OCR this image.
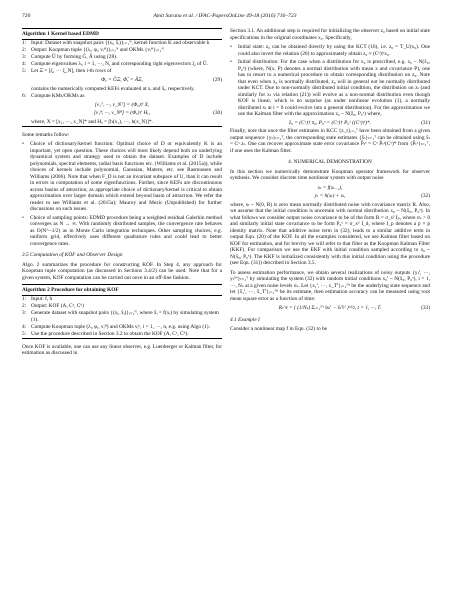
720	Amit Surana et al. / IFAC-PapersOnLine 49-18 (2016) 716–723
Algorithm 1 Kernel based EDMD
1: Input: Dataset with snapshot pairs {(xᵢ, x̂ᵢ)}ᵢ₌₁ᴺ, kernel function K and observable h
2: Output: Koopman tuple {(λᵢ, φᵢ, vᵢᴴ)}ᵢ₌₁ᴺ and OKMs {vᵢᴴ}ᵢ₌₁ᴺ
3: Compute Û by forming Ĝ, Â using (28).
4: Compute eigenvalues λᵢ, i = 1, ···, N, and corresponding right eigenvectors ξᵢ of Û.
5: Let Ξ = [ξ₁ ··· ξ_N], then i-th rows of
Φₓ = ĜΞ, Φ̂ₓ = ÂΞ,	(29)
contains the numerically computed KEFs evaluated at xᵢ and x̂ᵢ, respectively.
6: Compute KMs/OKMs as
[v₁ᵀ, ···, v_Nᵀ] = (Φₓ)† X,
[v₁ᴴ, ···, v_Nᴴ] = (Φₓ)† Hₓ,	(30)
where, X = [x₁, ···, x_N]* and Hₓ = [h(x₁), ···, h(x_N)]*.

Some remarks follow:

•	Choice of dictionary/kernel function: Optimal choice of D or equivalently K is an important, yet open question. These choices will most likely depend both on underlying dynamical system and strategy used to obtain the dataset. Examples of D include polynomials, spectral elements, radial basis functions etc. (Williams et al. (2015a)), while choices of kernels include polynomial, Gaussian, Matern, etc. see Rasmussen and Williams (2006). Note that when F_D is not an invariant subspace of U, than it can result in errors in computation of some eigenfunctions. Further, since KEFs are discontinuous across basins of attraction, as appropriate choice of dictionary/kernel is critical to obtain approximation over larger domain which extend beyond basin of attraction. We refer the reader to see Williams et al. (2015a); Mauroy and Mezic (Unpublished) for further discussions on such issues.
•	Choice of sampling points: EDMD procedure being a weighted residual Galerkin method converges as N → ∞. With randomly distributed samples, the convergence rate behaves as O(N^−1/2) as in Monte Carlo integration techniques. Other sampling choices, e.g. uniform grid, effectively uses different quadrature rules and could lead to better convergence rates.
3.5 Computation of KOF and Observer Design

Algo. 2 summarizes the procedure for constructing KOF. In Step 4, any approach for Koopman tuple computation (as discussed in Sections 3.4/2) can be used. Note that for a given system, KOF computation can be carried out once in an off-line fashion.

Algorithm 2 Procedure for obtaining KOF
1: Input: f, h
2: Output: KOF (A, Cˣ, Cʰ)
3: Generate dataset with snapshot pairs {(xᵢ, x̂ᵢ)}ᵢ₌₁ᴺ, where x̂ᵢ = f(xᵢ) by simulating system (1).
4: Compute Koopman tuple (λᵢ, φᵢ, vᵢᴴ) and OKMs vᵢʰ, i = 1, ···, n, e.g. using Algo (1).
5: Use the procedure described in Section 3.2 to obtain the KOF (A, Cˣ, Cʰ).

Once KOF is available, one can use any linear observer, e.g. Luenberger or Kalman filter, for estimation as discussed in

Section 3.1. An additional step is required for initializing the observer z₀ based on initial state specifications in the original coordinates x₀. Specifically,

•	Initial state: z₀ can be obtained directly by using the KCT (16), i.e. z₀ = T_U(x₀). One could also invert the relation (20) to approximately obtain z₀ ≈ (Cˣ)†x₀.
•	Initial distribution: For the case when a distribution for x₀ is prescribed, e.g. x₀ ~ N(x̄₀, P₀ˣ) (where, N(x, P) denotes a normal distribution with mean x and covariance P), one has to resort to a numerical procedure to obtain corresponding distribution on z₀. Note that even when x₀ is normally distributed, z₀ will in general not be normally distributed under KCT. Due to non-normally distributed initial condition, the distribution on zₜ (and similarly for xₜ via relation (21)) will evolve as a non-normal distribution even though KOF is linear, which is no surprise (as under nonlinear evolution (1), a normally distributed xₜ at t = 0 could evolve into a general distribution). For the approximation we use the Kalman filter with the approximation z₀ ~ N(z̄₀, P₀ᶻ) where,
z̄₀ = (Cˣ)† x̄₀, P₀ᶻ = (Cˣ)† P₀ˣ ((Cˣ)†)*.	(31)

Finally, note that once the filter estimates in KCC {z_t}ᵢ₌₁ᵀ have been obtained from a given output sequence {yₜ}ₜ₌₁ᵀ, the corresponding state estimates {x̂ₜ}ₜ₌₁ᵀ can be obtained using x̂ₜ = Cˣ zₜ. One can recover approximate state error covariance P̂ₜˣ = Cˣ P̂ₜᶻ(Cˣ)* from {P̂ₜᶻ}ₜ₌₁ᵀ, if one uses the Kalman filter.

4. NUMERICAL DEMONSTRATION

In this section we numerically demonstrate Koopman operator framework for observer synthesis. We consider discrete time nonlinear system with output noise

xₜ = f(xₜ₋₁),
yₜ = h(xₜ) + sₜ,	(32)

where, sₜ ~ N(0, R) is zero mean normally distributed noise with covariance matrix R. Also, we assume that the initial condition is uncertain with normal distribution x₀ ~ N(x̄₀, P₀ˣ). In what follows we consider output noise covariance to be of the form R = σ_s² Iₚ, where σₛ > 0 and similarly initial state covariance to be form P₀ˣ = σ_x² I_d, where I_p denotes a p × p identity matrix. Note that additive noise term in (32), leads to a similar additive term in output Eqn. (20) of the KOF. In all the examples considered, we use Kalman filter based on KOF for estimation, and for brevity we will refer to that filter as the Koopman Kalman Filter (KKF). For comparison we use the EKF with initial condition sampled according to x₀ ~ N(x̄₀, P₀ˣ). The KKF is initialized consistently with this initial condition using the procedure (see Eqn. (31)) described in Section 3.5.

To assess estimation performance, we obtain several realizations of noisy outputs {yₜⁱ, ···, yₜᴺˢ}ₜ₌₁ᵀ by simulating the system (32) with random initial conditions x₀ⁱ ~ N(x̄₀, P₀ˣ), i = 1, ···, Nₛ at a given noise levels σₛ. Let {x₁ⁱ, ···, x_Tⁱ}ᵢ₌₁ᴺˢ be the underlying state sequence and let {x̂₁ⁱ, ···, x̂_Tⁱ}ᵢ₌₁ᴺˢ be its estimate, then estimation accuracy can be measured using root mean square error as a function of time:

Rₜ^ε = ( (1/Nₛ) Σᵢ₌₁ᴺˢ ‖xₜⁱ − x̂ₜⁱ‖² )^½, t = 1, ···, T.	(33)
4.1 Example I

Consider a nonlinear map f in Eqn. (32) to be
